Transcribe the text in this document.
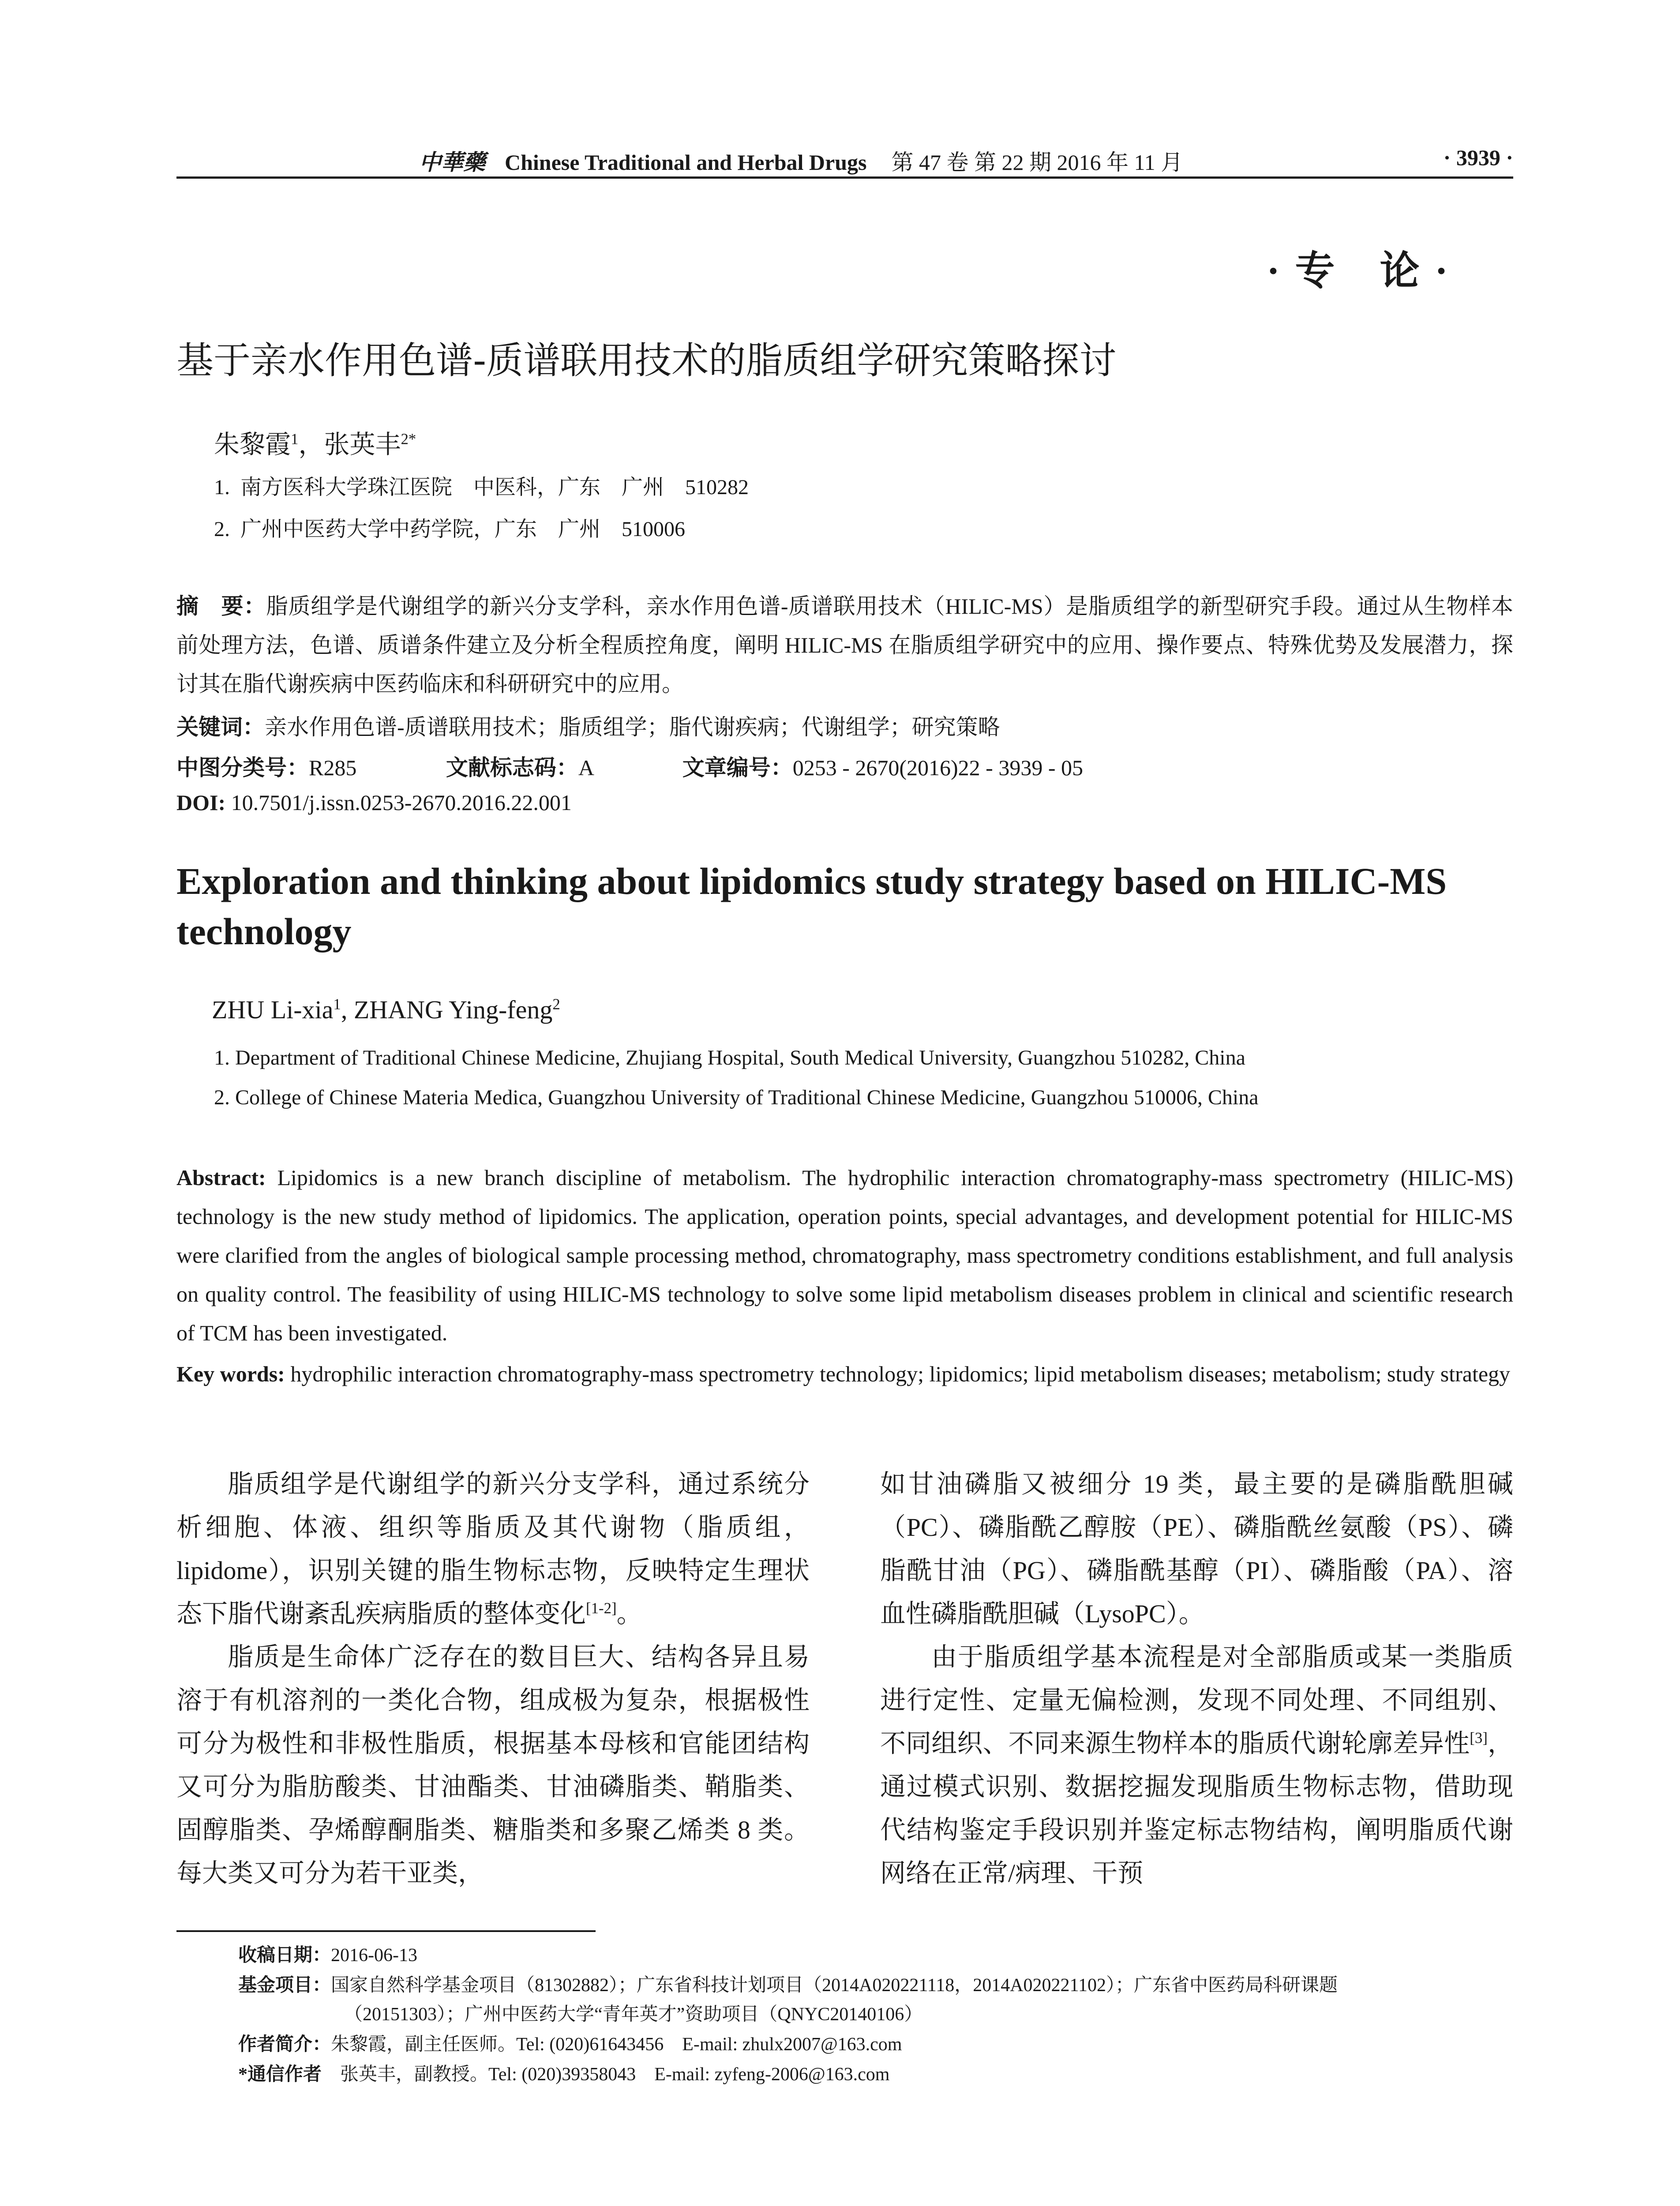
中華藥 Chinese Traditional and Herbal Drugs 第 47 卷 第 22 期 2016 年 11 月	· 3939 ·
· 专　论 ·
基于亲水作用色谱-质谱联用技术的脂质组学研究策略探讨
朱黎霞$^1$，张英丰$^{2*}$
1. 南方医科大学珠江医院　中医科，广东　广州　510282
2. 广州中医药大学中药学院，广东　广州　510006
摘　要：脂质组学是代谢组学的新兴分支学科，亲水作用色谱-质谱联用技术（HILIC-MS）是脂质组学的新型研究手段。通过从生物样本前处理方法，色谱、质谱条件建立及分析全程质控角度，阐明 HILIC-MS 在脂质组学研究中的应用、操作要点、特殊优势及发展潜力，探讨其在脂代谢疾病中医药临床和科研研究中的应用。
关键词：亲水作用色谱-质谱联用技术；脂质组学；脂代谢疾病；代谢组学；研究策略
中图分类号：R285	文献标志码：A	文章编号：0253 - 2670(2016)22 - 3939 - 05
DOI: 10.7501/j.issn.0253-2670.2016.22.001
Exploration and thinking about lipidomics study strategy based on HILIC-MS technology
ZHU Li-xia$^1$, ZHANG Ying-feng$^2$
1. Department of Traditional Chinese Medicine, Zhujiang Hospital, South Medical University, Guangzhou 510282, China
2. College of Chinese Materia Medica, Guangzhou University of Traditional Chinese Medicine, Guangzhou 510006, China
Abstract: Lipidomics is a new branch discipline of metabolism. The hydrophilic interaction chromatography-mass spectrometry (HILIC-MS) technology is the new study method of lipidomics. The application, operation points, special advantages, and development potential for HILIC-MS were clarified from the angles of biological sample processing method, chromatography, mass spectrometry conditions establishment, and full analysis on quality control. The feasibility of using HILIC-MS technology to solve some lipid metabolism diseases problem in clinical and scientific research of TCM has been investigated.
Key words: hydrophilic interaction chromatography-mass spectrometry technology; lipidomics; lipid metabolism diseases; metabolism; study strategy

脂质组学是代谢组学的新兴分支学科，通过系统分析细胞、体液、组织等脂质及其代谢物（脂质组，lipidome），识别关键的脂生物标志物，反映特定生理状态下脂代谢紊乱疾病脂质的整体变化[1-2]。

脂质是生命体广泛存在的数目巨大、结构各异且易溶于有机溶剂的一类化合物，组成极为复杂，根据极性可分为极性和非极性脂质，根据基本母核和官能团结构又可分为脂肪酸类、甘油酯类、甘油磷脂类、鞘脂类、固醇脂类、孕烯醇酮脂类、糖脂类和多聚乙烯类 8 类。每大类又可分为若干亚类，

如甘油磷脂又被细分 19 类，最主要的是磷脂酰胆碱（PC）、磷脂酰乙醇胺（PE）、磷脂酰丝氨酸（PS）、磷脂酰甘油（PG）、磷脂酰基醇（PI）、磷脂酸（PA）、溶血性磷脂酰胆碱（LysoPC）。

由于脂质组学基本流程是对全部脂质或某一类脂质进行定性、定量无偏检测，发现不同处理、不同组别、不同组织、不同来源生物样本的脂质代谢轮廓差异性[3]，通过模式识别、数据挖掘发现脂质生物标志物，借助现代结构鉴定手段识别并鉴定标志物结构，阐明脂质代谢网络在正常/病理、干预

收稿日期：2016-06-13
基金项目：国家自然科学基金项目（81302882）；广东省科技计划项目（2014A020221118，2014A020221102）；广东省中医药局科研课题
（20151303）；广州中医药大学“青年英才”资助项目（QNYC20140106）
作者简介：朱黎霞，副主任医师。Tel: (020)61643456　E-mail: zhulx2007@163.com
*通信作者　 张英丰，副教授。Tel: (020)39358043　E-mail: zyfeng-2006@163.com
